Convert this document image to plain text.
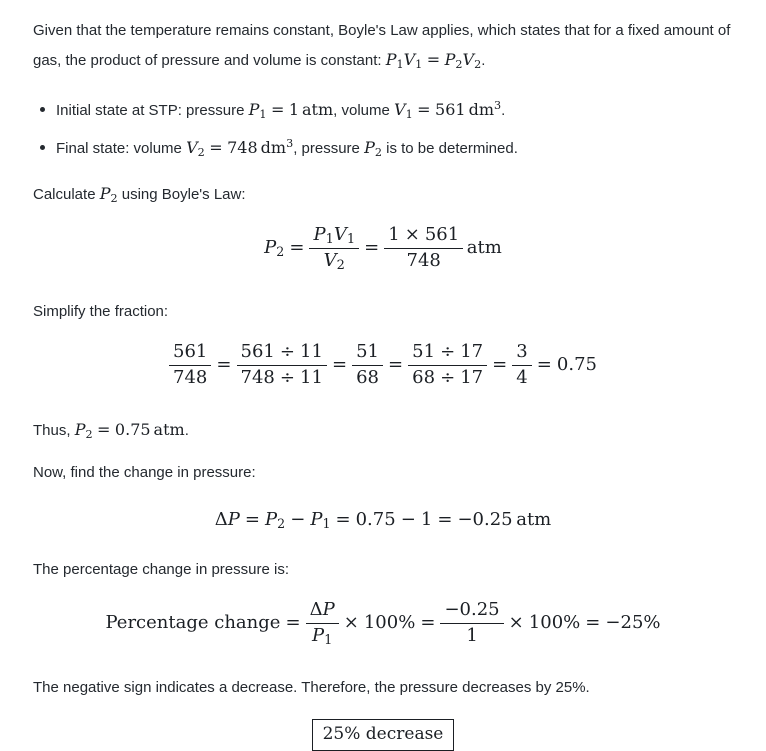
Given that the temperature remains constant, Boyle's Law applies, which states that for a fixed amount of gas, the product of pressure and volume is constant: $P_1V_1 = P_2V_2$.

Initial state at STP: pressure $P_1 = 1$ atm, volume $V_1 = 561$ $dm^3$.
Final state: volume $V_2 = 748$ $dm^3$, pressure $P_2$ is to be determined.

Calculate $P_2$ using Boyle's Law:

$P_2 = \frac{P_1V_1}{V_2} = \frac{1 \times 561}{748}$ atm

Simplify the fraction:

$\frac{561}{748} = \frac{561 \div 11}{748 \div 11} = \frac{51}{68} = \frac{51 \div 17}{68 \div 17} = \frac{3}{4} = 0.75$

Thus, $P_2 = 0.75$ atm.

Now, find the change in pressure:

$\Delta P = P_2 - P_1 = 0.75 - 1 = -0.25$ atm

The percentage change in pressure is:

Percentage change = $\frac{\Delta P}{P_1} \times 100\% = \frac{-0.25}{1} \times 100\% = -25\%$

The negative sign indicates a decrease. Therefore, the pressure decreases by 25%.

25% decrease
